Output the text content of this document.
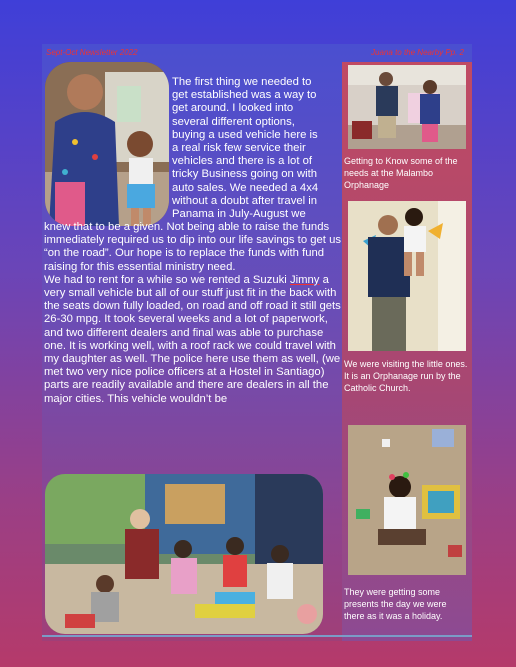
Sept-Oct Newsletter 2022	Juana to the Nearby Pp. 2
The first thing we needed to
get established was a way to
get around. I looked into
several different options,
buying a used vehicle here is
a real risk few service their
vehicles and there is a lot of
tricky Business going on with
auto sales. We needed a 4x4
without a doubt after travel in
Panama in July-August we
knew that to be a given. Not being able to raise the funds immediately required us to dip into our life savings to get us “on the road”. Our hope is to replace the funds with fund raising for this essential ministry need.
We had to rent for a while so we rented a Suzuki Jimny a very small vehicle but all of our stuff just fit in the back with the seats down fully loaded, on road and off road it still gets 26-30 mpg. It took several weeks and a lot of paperwork, and two different dealers and final was able to purchase one. It is working well, with a roof rack we could travel with my daughter as well. The police here use them as well, (we met two very nice police officers at a Hostel in Santiago) parts are readily available and there are dealers in all the major cities. This vehicle wouldn’t be
Getting to Know some of the needs at the Malambo Orphanage
We were visiting the little ones. It is an Orphanage run by the Catholic Church.
They were getting some presents the day we were there as it was a holiday.
